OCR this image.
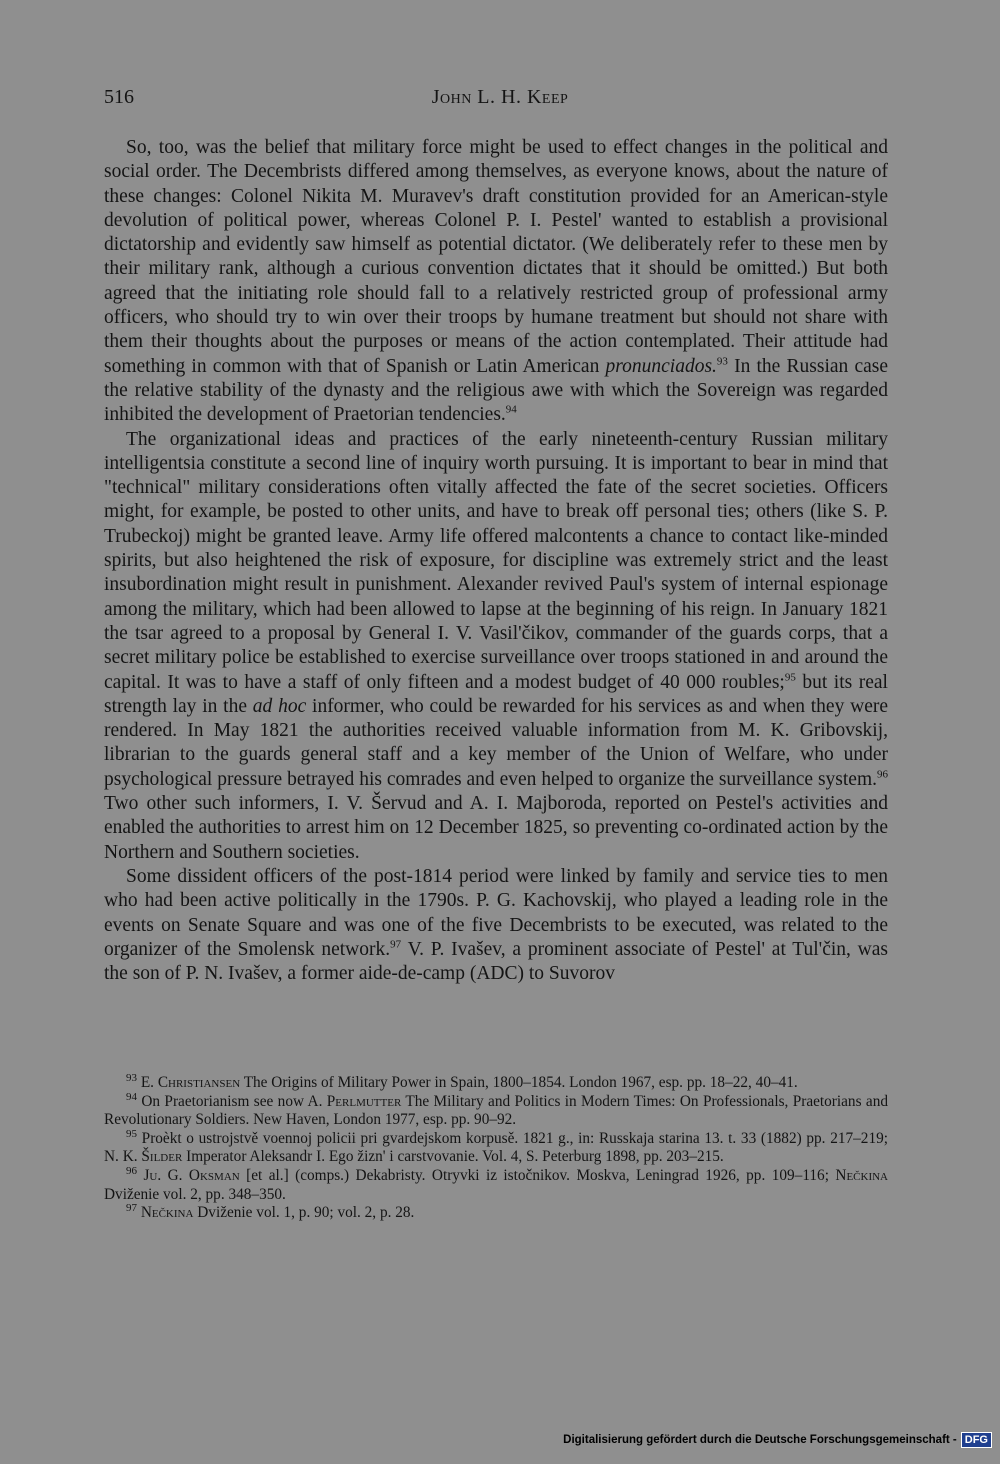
516	John L. H. Keep

So, too, was the belief that military force might be used to effect changes in the political and social order. The Decembrists differed among themselves, as everyone knows, about the nature of these changes: Colonel Nikita M. Muravev's draft constitution provided for an American-style devolution of political power, whereas Colonel P. I. Pestel' wanted to establish a provisional dictatorship and evidently saw himself as potential dictator. (We deliberately refer to these men by their military rank, although a curious convention dictates that it should be omitted.) But both agreed that the initiating role should fall to a relatively restricted group of professional army officers, who should try to win over their troops by humane treatment but should not share with them their thoughts about the purposes or means of the action contemplated. Their attitude had something in common with that of Spanish or Latin American pronunciados.$^{93}$ In the Russian case the relative stability of the dynasty and the religious awe with which the Sovereign was regarded inhibited the development of Praetorian tendencies.$^{94}$

The organizational ideas and practices of the early nineteenth-century Russian military intelligentsia constitute a second line of inquiry worth pursuing. It is important to bear in mind that "technical" military considerations often vitally affected the fate of the secret societies. Officers might, for example, be posted to other units, and have to break off personal ties; others (like S. P. Trubeckoj) might be granted leave. Army life offered malcontents a chance to contact like-minded spirits, but also heightened the risk of exposure, for discipline was extremely strict and the least insubordination might result in punishment. Alexander revived Paul's system of internal espionage among the military, which had been allowed to lapse at the beginning of his reign. In January 1821 the tsar agreed to a proposal by General I. V. Vasil'čikov, commander of the guards corps, that a secret military police be established to exercise surveillance over troops stationed in and around the capital. It was to have a staff of only fifteen and a modest budget of 40 000 roubles;$^{95}$ but its real strength lay in the ad hoc informer, who could be rewarded for his services as and when they were rendered. In May 1821 the authorities received valuable information from M. K. Gribovskij, librarian to the guards general staff and a key member of the Union of Welfare, who under psychological pressure betrayed his comrades and even helped to organize the surveillance system.$^{96}$ Two other such informers, I. V. Šervud and A. I. Majboroda, reported on Pestel's activities and enabled the authorities to arrest him on 12 December 1825, so preventing co-ordinated action by the Northern and Southern societies.

Some dissident officers of the post-1814 period were linked by family and service ties to men who had been active politically in the 1790s. P. G. Kachovskij, who played a leading role in the events on Senate Square and was one of the five Decembrists to be executed, was related to the organizer of the Smolensk network.$^{97}$ V. P. Ivašev, a prominent associate of Pestel' at Tul'čin, was the son of P. N. Ivašev, a former aide-de-camp (ADC) to Suvorov

$^{93}$ E. Christiansen The Origins of Military Power in Spain, 1800–1854. London 1967, esp. pp. 18–22, 40–41.

$^{94}$ On Praetorianism see now A. Perlmutter The Military and Politics in Modern Times: On Professionals, Praetorians and Revolutionary Soldiers. New Haven, London 1977, esp. pp. 90–92.

$^{95}$ Proèkt o ustrojstvě voennoj policii pri gvardejskom korpusě. 1821 g., in: Russkaja starina 13. t. 33 (1882) pp. 217–219; N. K. Šilder Imperator Aleksandr I. Ego žizn' i carstvovanie. Vol. 4, S. Peterburg 1898, pp. 203–215.

$^{96}$ Ju. G. Oksman [et al.] (comps.) Dekabristy. Otryvki iz istočnikov. Moskva, Leningrad 1926, pp. 109–116; Nečkina Dviženie vol. 2, pp. 348–350.

$^{97}$ Nečkina Dviženie vol. 1, p. 90; vol. 2, p. 28.

Digitalisierung gefördert durch die Deutsche Forschungsgemeinschaft - DFG
